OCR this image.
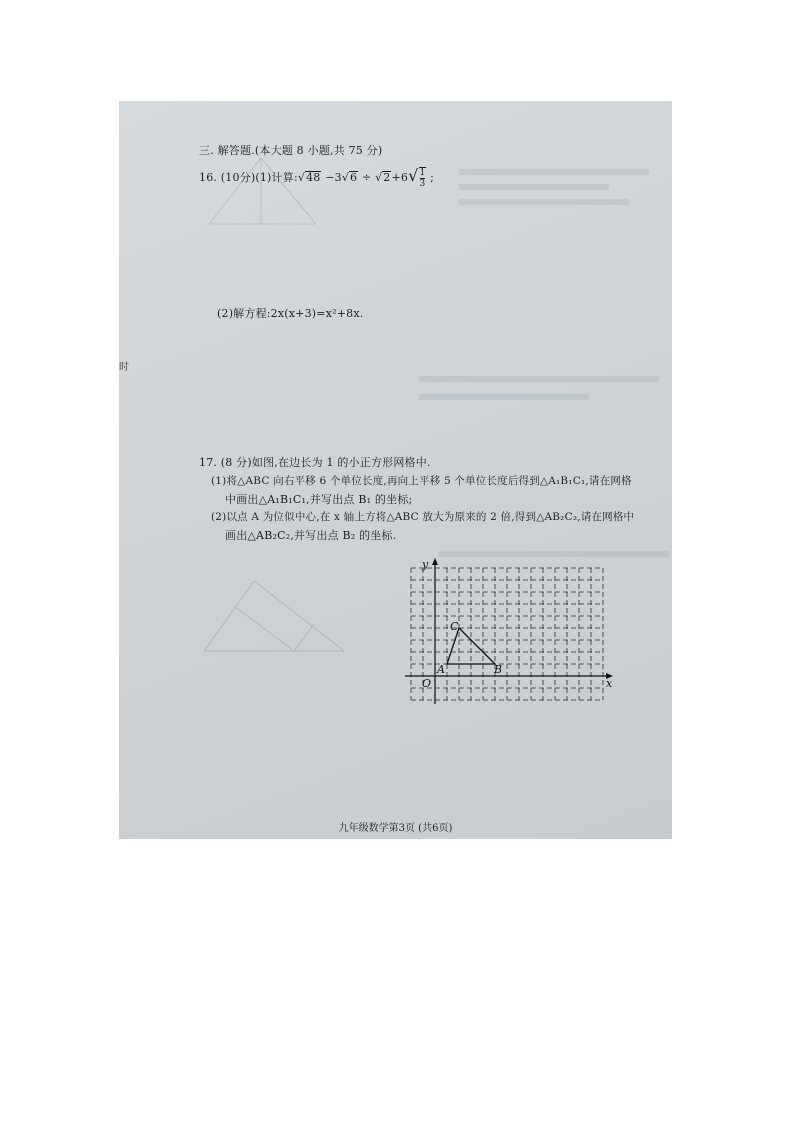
时
三. 解答题.(本大题 8 小题,共 75 分)
16. (10分)(1)计算:√48 $-3√6 \div √2+6√ \frac{1}{3}$ ;
(2)解方程:2x(x+3)=x²+8x.
17. (8 分)如图,在边长为 1 的小正方形网格中.
(1)将△ABC 向右平移 6 个单位长度,再向上平移 5 个单位长度后得到△A₁B₁C₁,请在网格
中画出△A₁B₁C₁,并写出点 B₁ 的坐标;
(2)以点 A 为位似中心,在 x 轴上方将△ABC 放大为原来的 2 倍,得到△AB₂C₂,请在网格中
画出△AB₂C₂,并写出点 B₂ 的坐标.
y
x
O
A	B
C
九年级数学第3页 (共6页)
